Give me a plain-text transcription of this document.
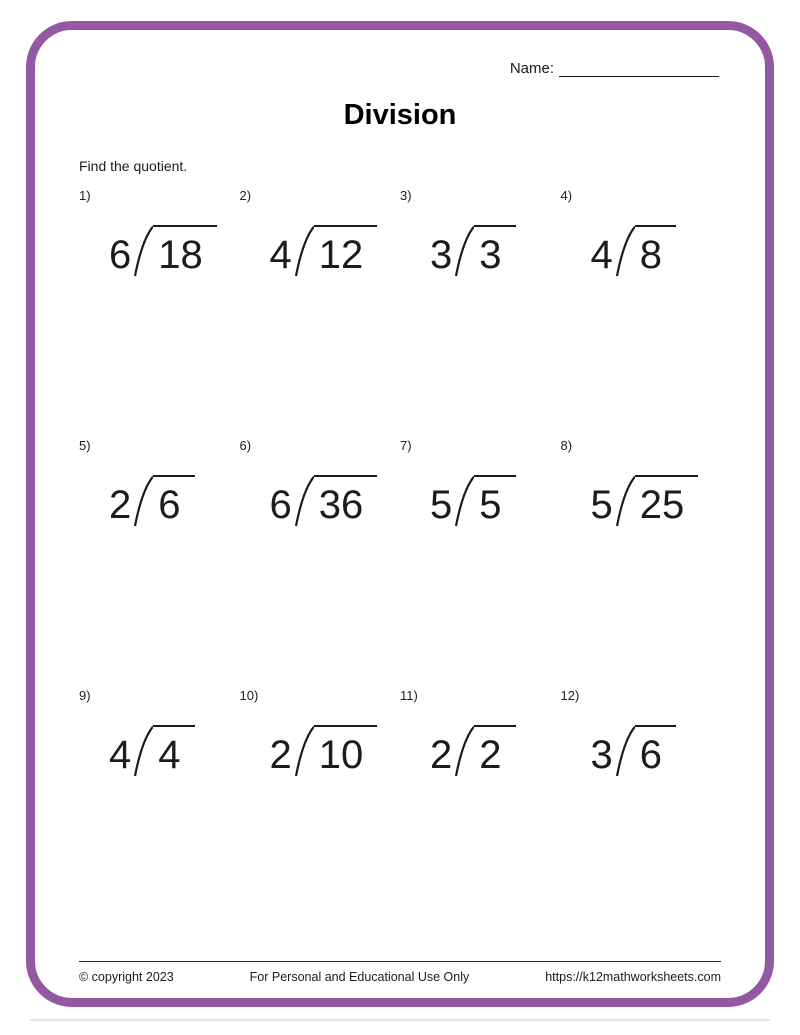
Name:
Division
Find the quotient.
1)
6 18
2)
4 12
3)
3 3
4)
4 8
5)
2 6
6)
6 36
7)
5 5
8)
5 25
9)
4 4
10)
2 10
11)
2 2
12)
3 6
© copyright 2023	For Personal and Educational Use Only	https://k12mathworksheets.com
